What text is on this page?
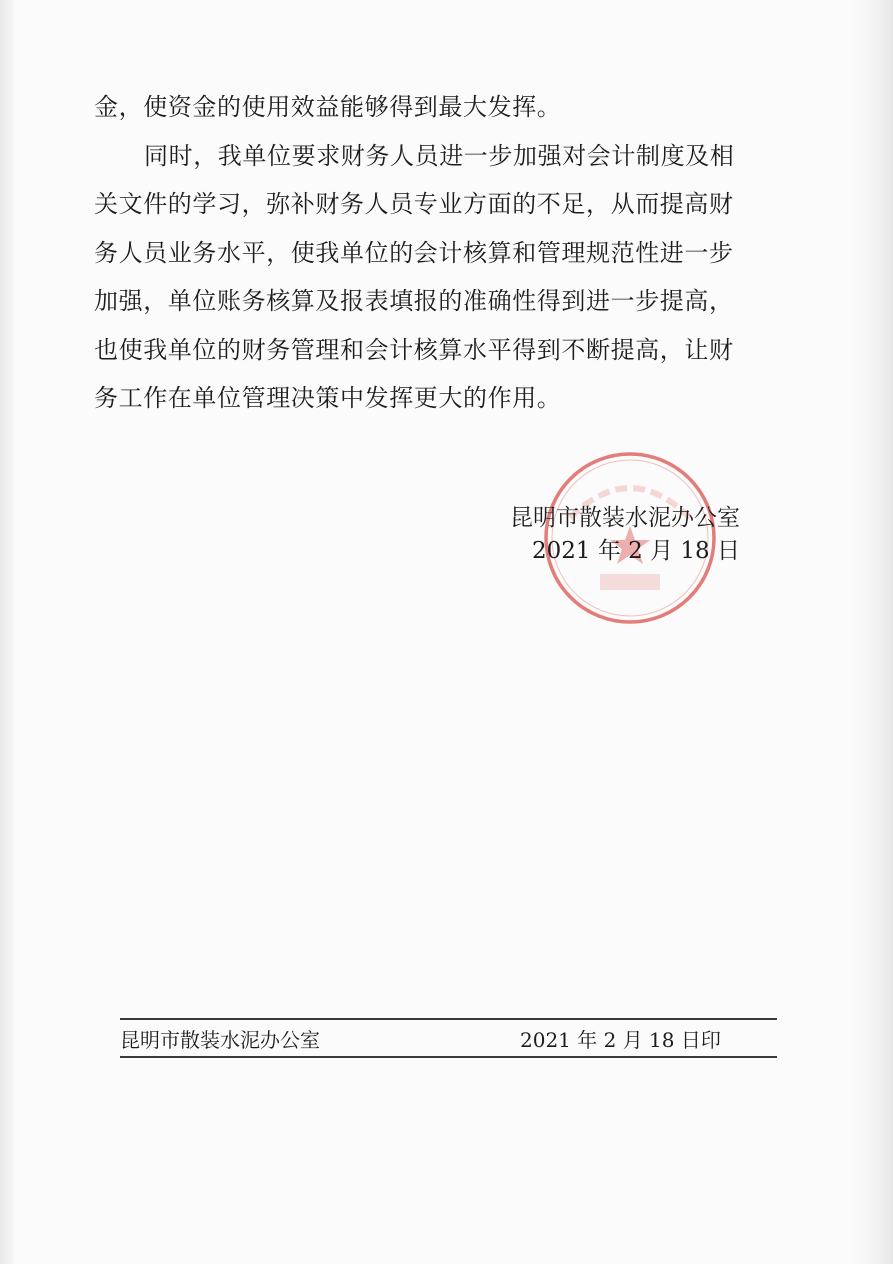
金，使资金的使用效益能够得到最大发挥。
同时，我单位要求财务人员进一步加强对会计制度及相
关文件的学习，弥补财务人员专业方面的不足，从而提高财
务人员业务水平，使我单位的会计核算和管理规范性进一步
加强，单位账务核算及报表填报的准确性得到进一步提高，
也使我单位的财务管理和会计核算水平得到不断提高，让财
务工作在单位管理决策中发挥更大的作用。
昆明市散装水泥办公室
2021 年 2 月 18 日
昆明市散装水泥办公室	2021 年 2 月 18 日印
